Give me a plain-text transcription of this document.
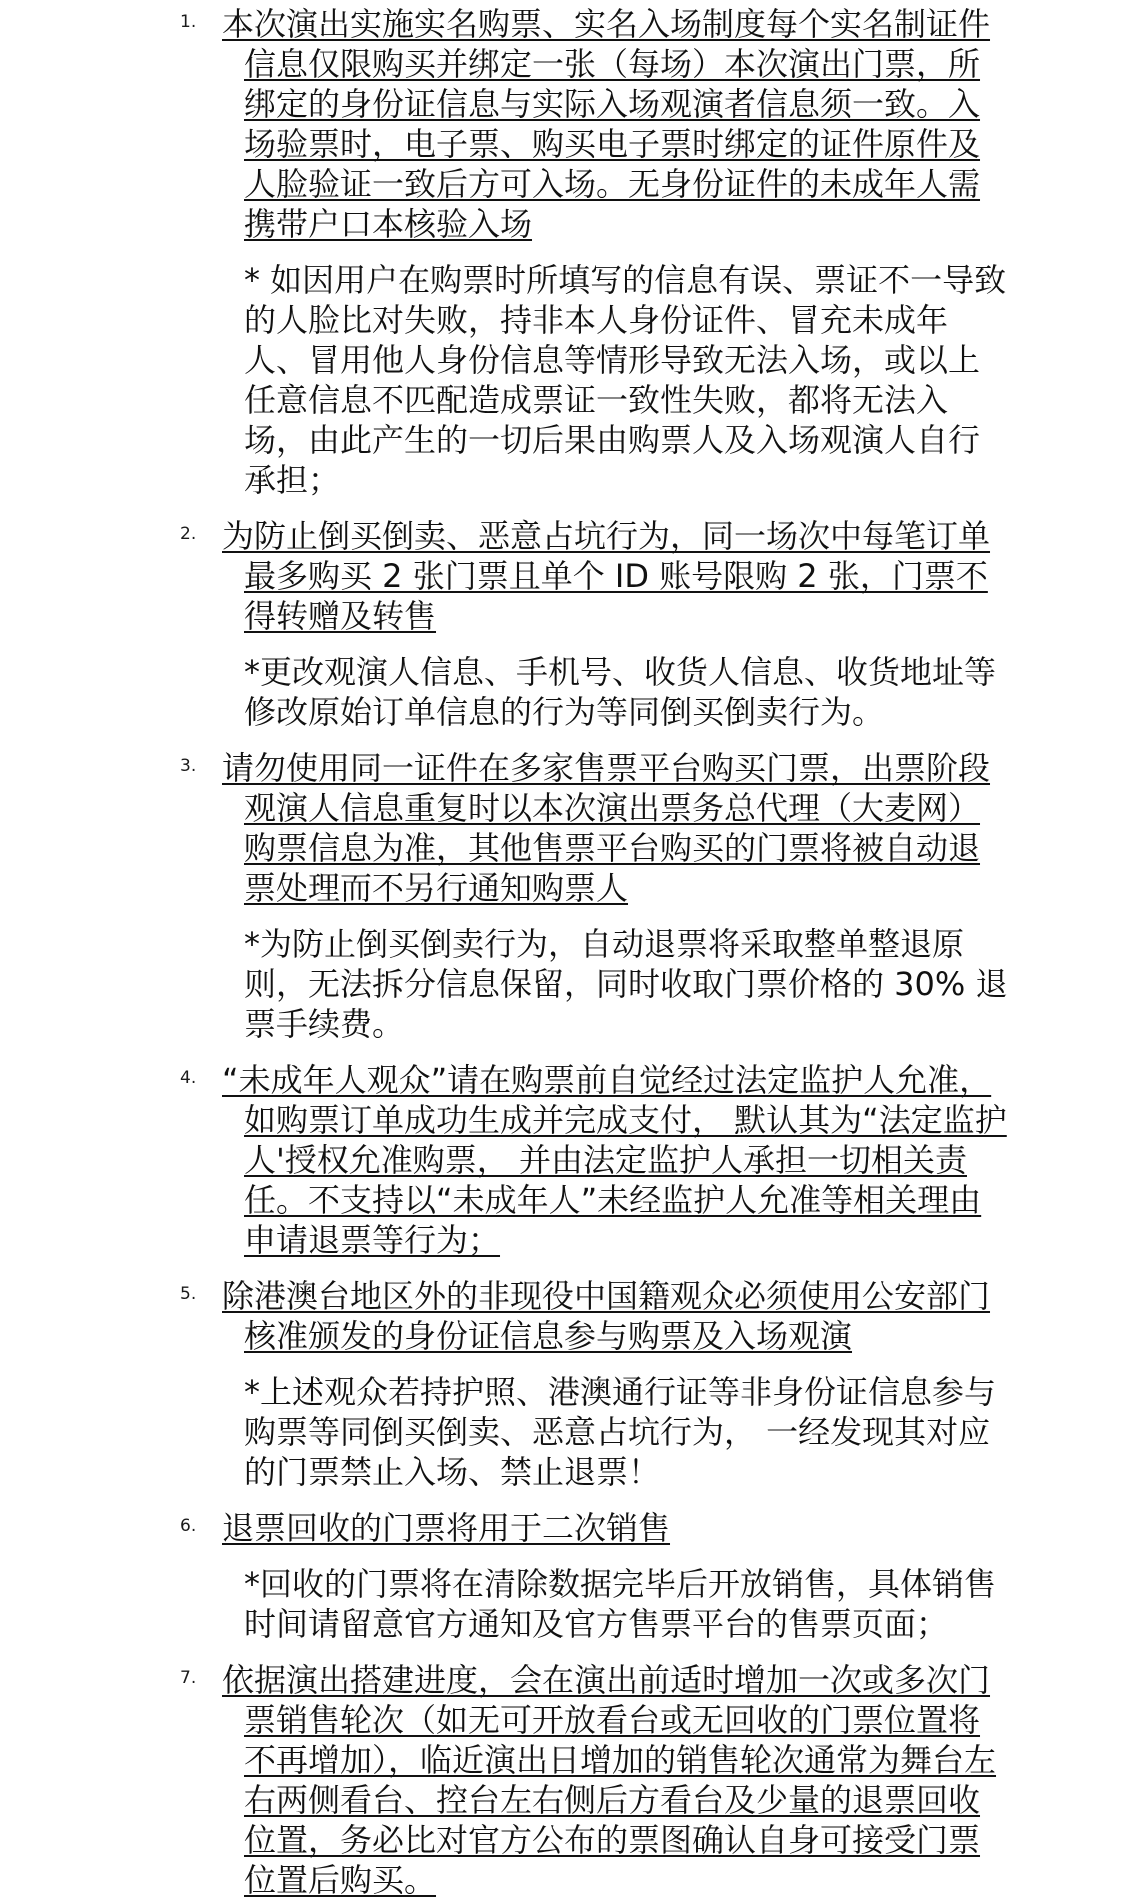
1. 本次演出实施实名购票、实名入场制度每个实名制证件信息仅限购买并绑定一张（每场）本次演出门票，所绑定的身份证信息与实际入场观演者信息须一致。入场验票时，电子票、购买电子票时绑定的证件原件及人脸验证一致后方可入场。无身份证件的未成年人需携带户口本核验入场

* 如因用户在购票时所填写的信息有误、票证不一导致的人脸比对失败，持非本人身份证件、冒充未成年人、冒用他人身份信息等情形导致无法入场，或以上任意信息不匹配造成票证一致性失败，都将无法入场，由此产生的一切后果由购票人及入场观演人自行承担；

2. 为防止倒买倒卖、恶意占坑行为，同一场次中每笔订单最多购买 2 张门票且单个 ID 账号限购 2 张，门票不得转赠及转售

*更改观演人信息、手机号、收货人信息、收货地址等修改原始订单信息的行为等同倒买倒卖行为。

3. 请勿使用同一证件在多家售票平台购买门票，出票阶段观演人信息重复时以本次演出票务总代理（大麦网）购票信息为准，其他售票平台购买的门票将被自动退票处理而不另行通知购票人

*为防止倒买倒卖行为，自动退票将采取整单整退原则，无法拆分信息保留，同时收取门票价格的 30% 退票手续费。

4. “未成年人观众”请在购票前自觉经过法定监护人允准， 如购票订单成功生成并完成支付， 默认其为“法定监护人'授权允准购票， 并由法定监护人承担一切相关责任。不支持以“未成年人”未经监护人允准等相关理由申请退票等行为；

5. 除港澳台地区外的非现役中国籍观众必须使用公安部门核准颁发的身份证信息参与购票及入场观演

*上述观众若持护照、港澳通行证等非身份证信息参与购票等同倒买倒卖、恶意占坑行为， 一经发现其对应的门票禁止入场、禁止退票！

6. 退票回收的门票将用于二次销售

*回收的门票将在清除数据完毕后开放销售，具体销售时间请留意官方通知及官方售票平台的售票页面；

7. 依据演出搭建进度，会在演出前适时增加一次或多次门票销售轮次（如无可开放看台或无回收的门票位置将不再增加），临近演出日增加的销售轮次通常为舞台左右两侧看台、控台左右侧后方看台及少量的退票回收位置，务必比对官方公布的票图确认自身可接受门票位置后购买。
